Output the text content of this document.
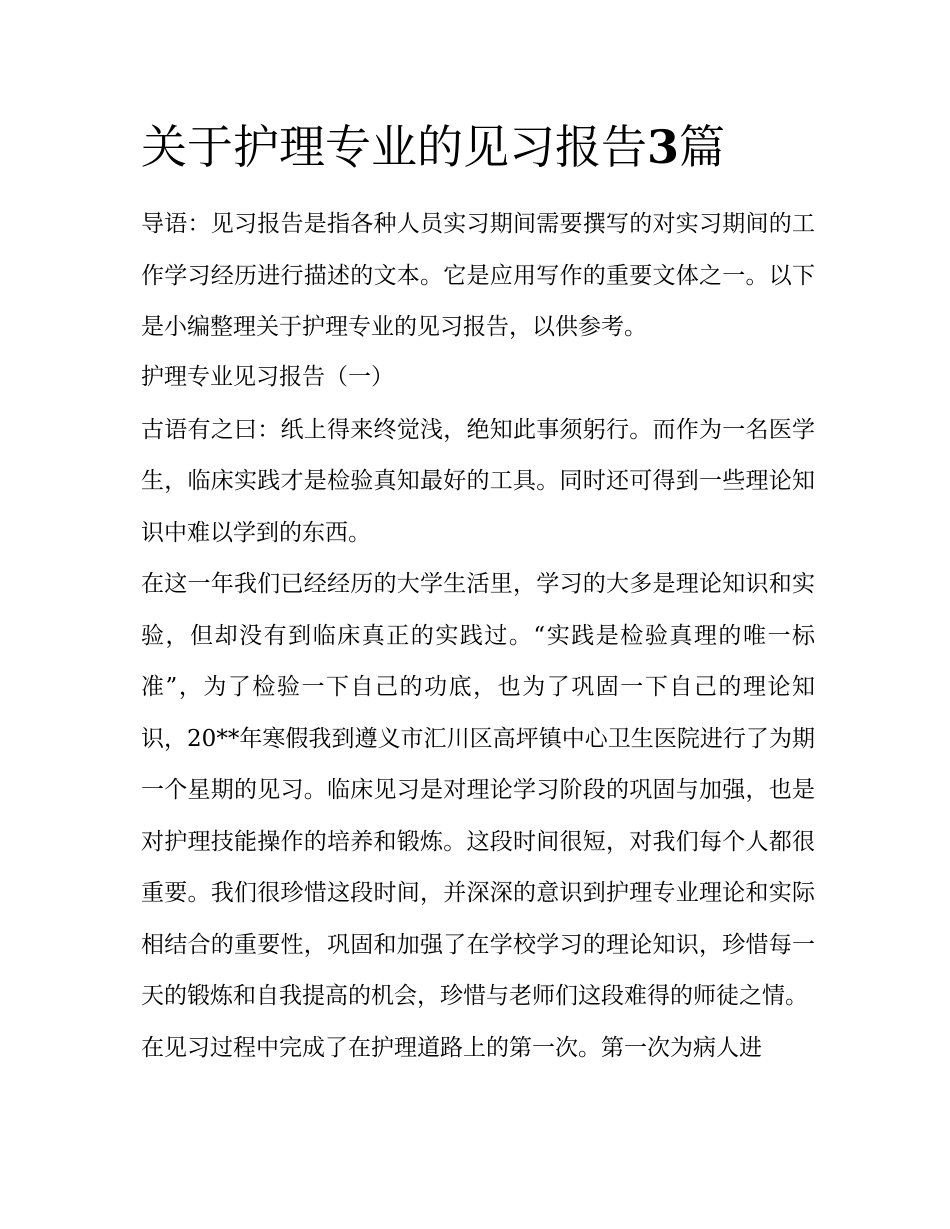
关于护理专业的见习报告3篇

导语：见习报告是指各种人员实习期间需要撰写的对实习期间的工作学习经历进行描述的文本。它是应用写作的重要文体之一。以下是小编整理关于护理专业的见习报告，以供参考。

护理专业见习报告（一）

古语有之曰：纸上得来终觉浅，绝知此事须躬行。而作为一名医学生，临床实践才是检验真知最好的工具。同时还可得到一些理论知识中难以学到的东西。

在这一年我们已经经历的大学生活里，学习的大多是理论知识和实验，但却没有到临床真正的实践过。“实践是检验真理的唯一标准”，为了检验一下自己的功底，也为了巩固一下自己的理论知识，20**年寒假我到遵义市汇川区高坪镇中心卫生医院进行了为期一个星期的见习。临床见习是对理论学习阶段的巩固与加强，也是对护理技能操作的培养和锻炼。这段时间很短，对我们每个人都很重要。我们很珍惜这段时间，并深深的意识到护理专业理论和实际相结合的重要性，巩固和加强了在学校学习的理论知识，珍惜每一天的锻炼和自我提高的机会，珍惜与老师们这段难得的师徒之情。

在见习过程中完成了在护理道路上的第一次。第一次为病人进
